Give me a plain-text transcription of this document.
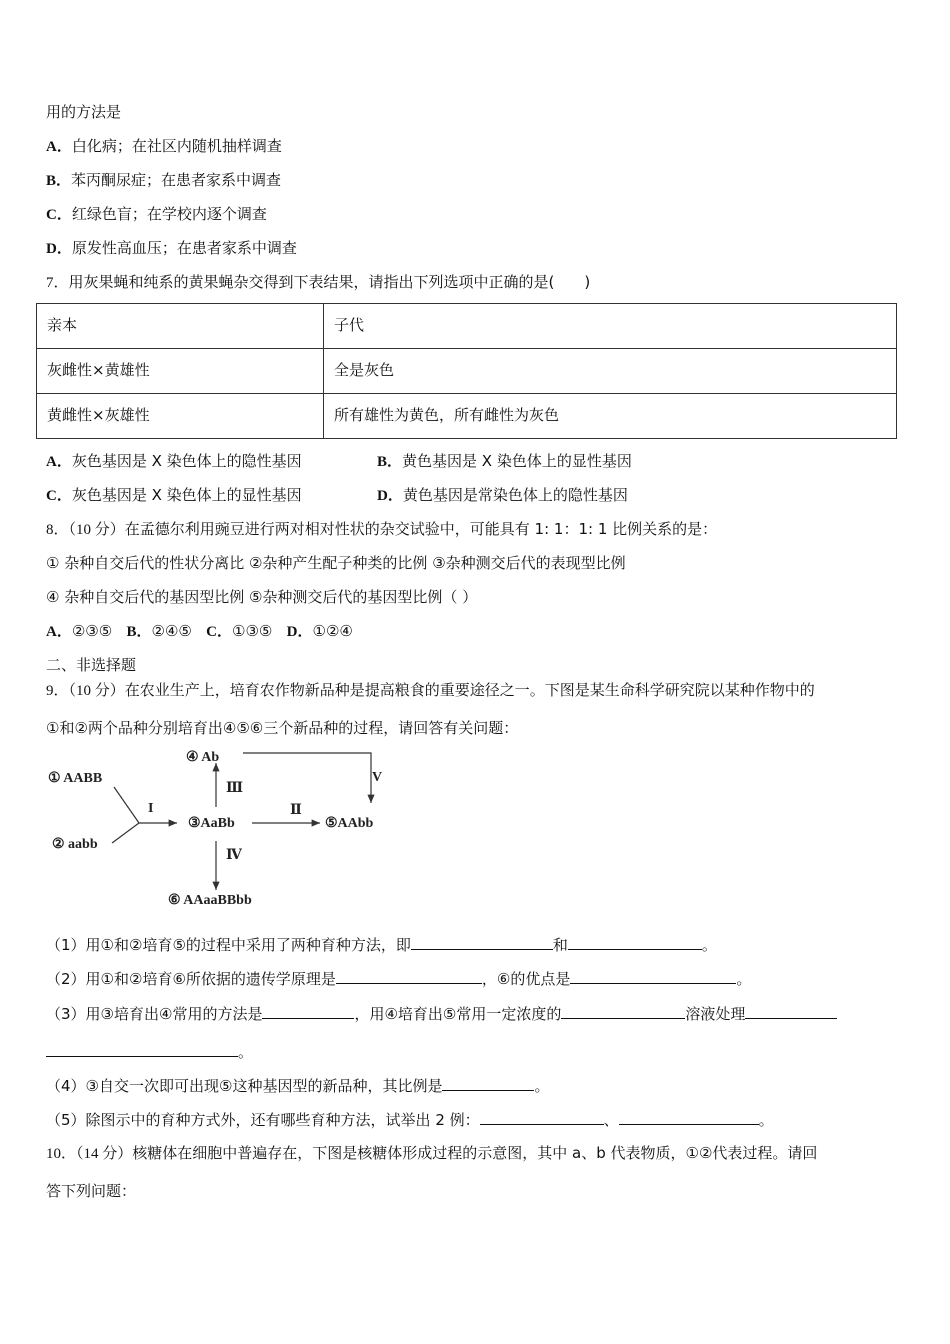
用的方法是
A．白化病；在社区内随机抽样调查
B．苯丙酮尿症；在患者家系中调查
C．红绿色盲；在学校内逐个调查
D．原发性高血压；在患者家系中调查
7．用灰果蝇和纯系的黄果蝇杂交得到下表结果，请指出下列选项中正确的是(　　)
亲本	子代
灰雌性×黄雄性	全是灰色
黄雌性×灰雄性	所有雄性为黄色，所有雌性为灰色
A．灰色基因是 X 染色体上的隐性基因	B．黄色基因是 X 染色体上的显性基因
C．灰色基因是 X 染色体上的显性基因	D．黄色基因是常染色体上的隐性基因
8．（10 分）在孟德尔利用豌豆进行两对相对性状的杂交试验中，可能具有 1: 1：1: 1 比例关系的是：
① 杂种自交后代的性状分离比 ②杂种产生配子种类的比例 ③杂种测交后代的表现型比例
④ 杂种自交后代的基因型比例 ⑤杂种测交后代的基因型比例（ ）
A．②③⑤ B．②④⑤ C．①③⑤ D．①②④
二、非选择题
9．（10 分）在农业生产上，培育农作物新品种是提高粮食的重要途径之一。下图是某生命科学研究院以某种作物中的
①和②两个品种分别培育出④⑤⑥三个新品种的过程，请回答有关问题：
① AABB
② aabb
③AaBb
④ Ab
⑤AAbb
⑥ AAaaBBbb
I	Ⅱ
Ⅲ
Ⅳ
V
（1）用①和②培育⑤的过程中采用了两种育种方法，即	和	。
（2）用①和②培育⑥所依据的遗传学原理是	，⑥的优点是	。
（3）用③培育出④常用的方法是	，用④培育出⑤常用一定浓度的	溶液处理
。
（4）③自交一次即可出现⑤这种基因型的新品种，其比例是	。
（5）除图示中的育种方式外，还有哪些育种方法，试举出 2 例：	、	。
10．（14 分）核糖体在细胞中普遍存在，下图是核糖体形成过程的示意图，其中 a、b 代表物质，①②代表过程。请回
答下列问题：
